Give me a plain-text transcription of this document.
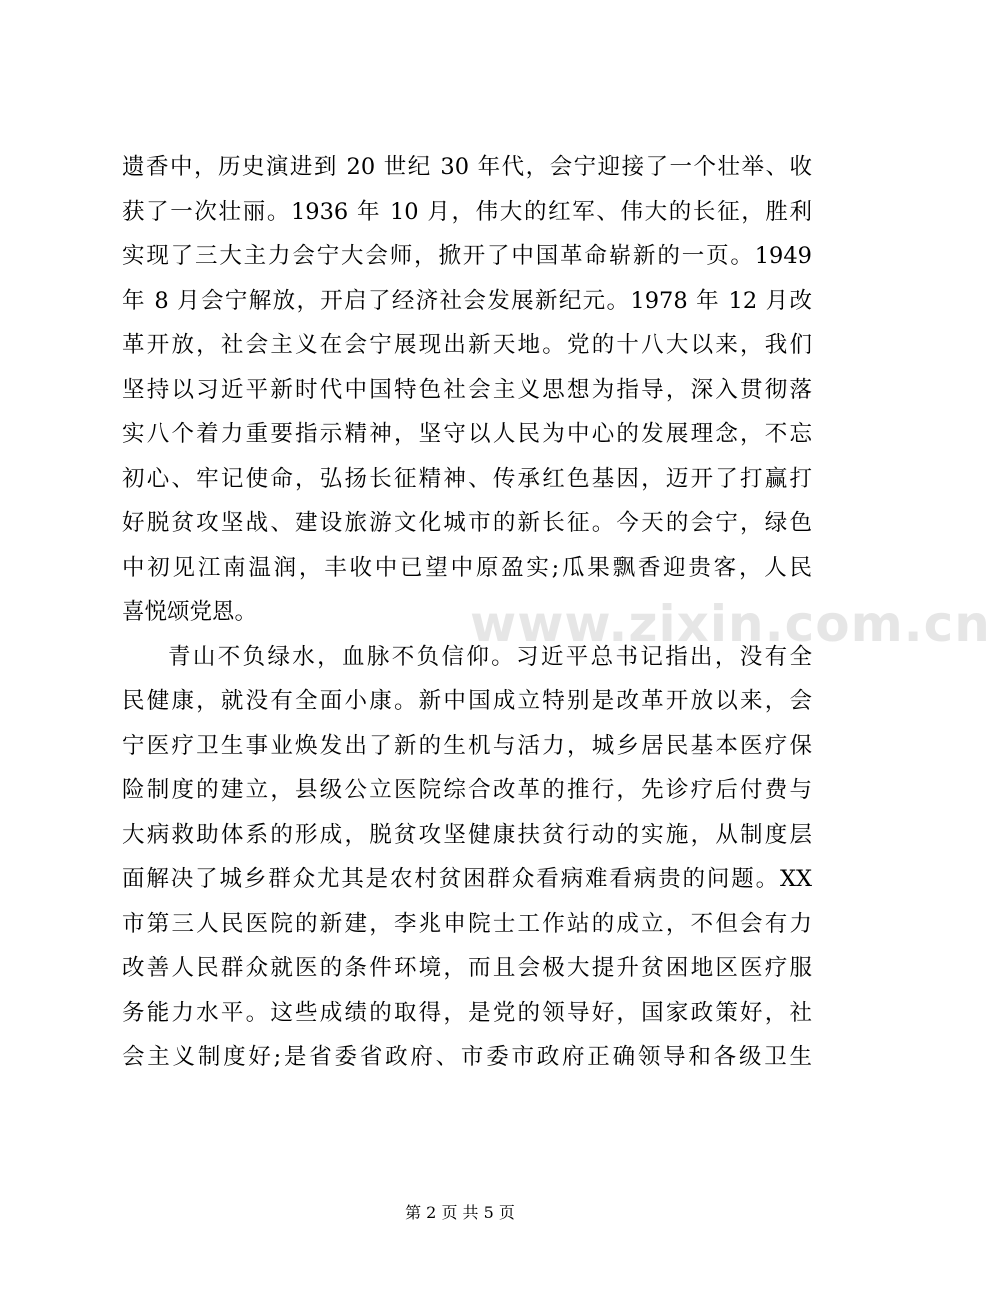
遗香中，历史演进到 20 世纪 30 年代，会宁迎接了一个壮举、收
获了一次壮丽。1936 年 10 月，伟大的红军、伟大的长征，胜利
实现了三大主力会宁大会师，掀开了中国革命崭新的一页。1949
年 8 月会宁解放，开启了经济社会发展新纪元。1978 年 12 月改
革开放，社会主义在会宁展现出新天地。党的十八大以来，我们
坚持以习近平新时代中国特色社会主义思想为指导，深入贯彻落
实八个着力重要指示精神，坚守以人民为中心的发展理念，不忘
初心、牢记使命，弘扬长征精神、传承红色基因，迈开了打赢打
好脱贫攻坚战、建设旅游文化城市的新长征。今天的会宁，绿色
中初见江南温润，丰收中已望中原盈实;瓜果飘香迎贵客，人民
喜悦颂党恩。
青山不负绿水，血脉不负信仰。习近平总书记指出，没有全
民健康，就没有全面小康。新中国成立特别是改革开放以来，会
宁医疗卫生事业焕发出了新的生机与活力，城乡居民基本医疗保
险制度的建立，县级公立医院综合改革的推行，先诊疗后付费与
大病救助体系的形成，脱贫攻坚健康扶贫行动的实施，从制度层
面解决了城乡群众尤其是农村贫困群众看病难看病贵的问题。XX
市第三人民医院的新建，李兆申院士工作站的成立，不但会有力
改善人民群众就医的条件环境，而且会极大提升贫困地区医疗服
务能力水平。这些成绩的取得，是党的领导好，国家政策好，社
会主义制度好;是省委省政府、市委市政府正确领导和各级卫生
www.zixin.com.cn
第 2 页 共 5 页
